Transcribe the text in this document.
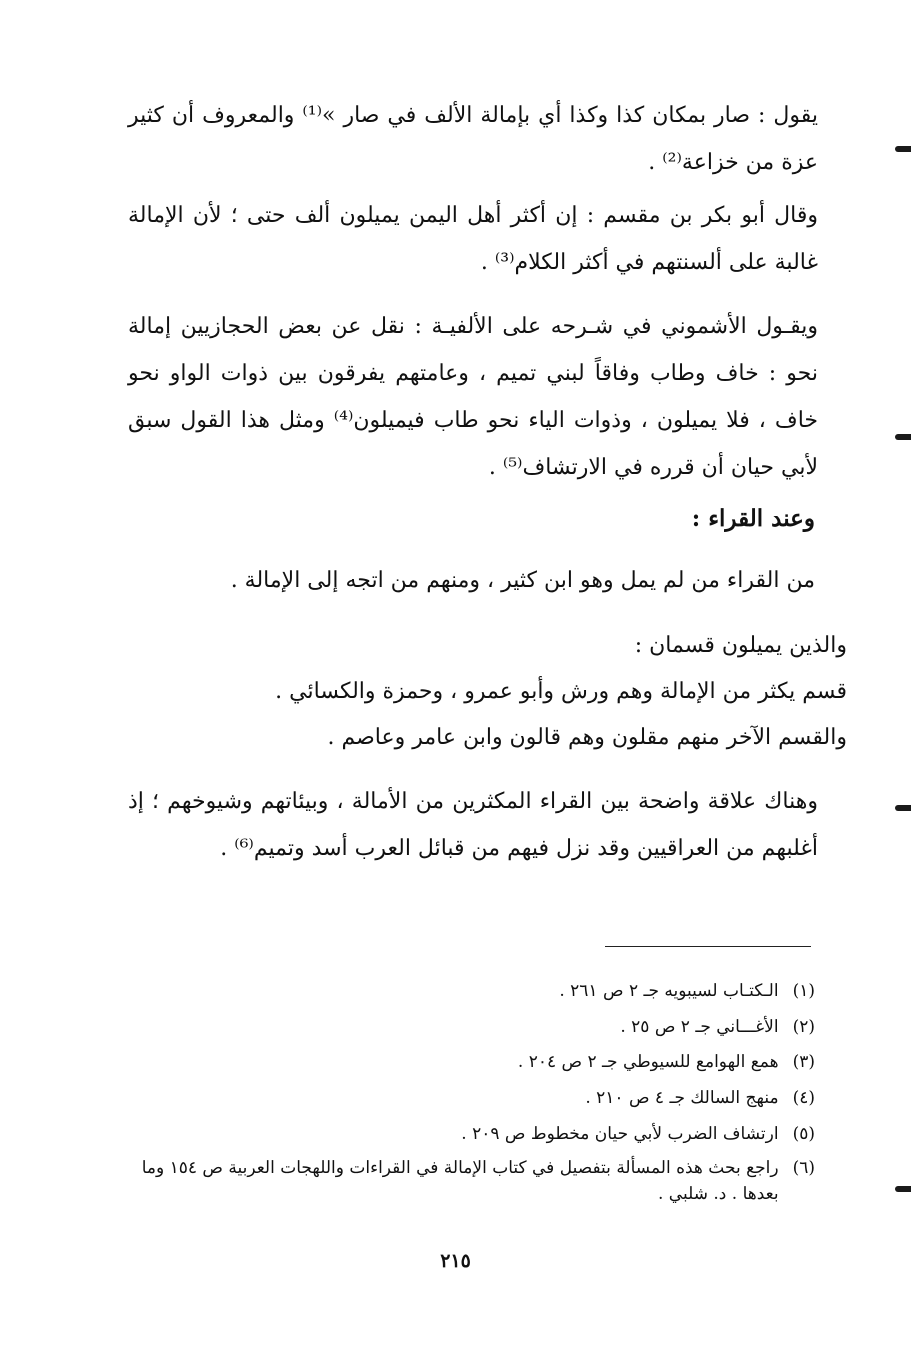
يقول : صار بمكان كذا وكذا أي بإمالة الألف في صار »⁽¹⁾ والمعروف أن كثير عزة من خزاعة⁽²⁾ .

وقال أبو بكر بن مقسم : إن أكثر أهل اليمن يميلون ألف حتى ؛ لأن الإمالة غالبة على ألسنتهم في أكثر الكلام⁽³⁾ .

ويقـول الأشموني في شـرحه على الألفيـة : نقل عن بعض الحجازيين إمالة نحو : خاف وطاب وفاقاً لبني تميم ، وعامتهم يفرقون بين ذوات الواو نحو خاف ، فلا يميلون ، وذوات الياء نحو طاب فيميلون⁽⁴⁾ ومثل هذا القول سبق لأبي حيان أن قرره في الارتشاف⁽⁵⁾ .

وعند القراء :

من القراء من لم يمل وهو ابن كثير ، ومنهم من اتجه إلى الإمالة .

والذين يميلون قسمان :

قسم يكثر من الإمالة وهم ورش وأبو عمرو ، وحمزة والكسائي .

والقسم الآخر منهم مقلون وهم قالون وابن عامر وعاصم .

وهناك علاقة واضحة بين القراء المكثرين من الأمالة ، وبيئاتهم وشيوخهم ؛ إذ أغلبهم من العراقيين وقد نزل فيهم من قبائل العرب أسد وتميم⁽⁶⁾ .

(١)
الـكتـاب لسيبويه جـ ٢ ص ٢٦١ .
(٢)
الأغـــاني جـ ٢ ص ٢٥ .
(٣)
همع الهوامع للسيوطي جـ ٢ ص ٢٠٤ .
(٤)
منهج السالك جـ ٤ ص ٢١٠ .
(٥)
ارتشاف الضرب لأبي حيان مخطوط ص ٢٠٩ .
(٦)
راجع بحث هذه المسألة بتفصيل في كتاب الإمالة في القراءات واللهجات العربية ص ١٥٤ وما بعدها . د. شلبي .
٢١٥
